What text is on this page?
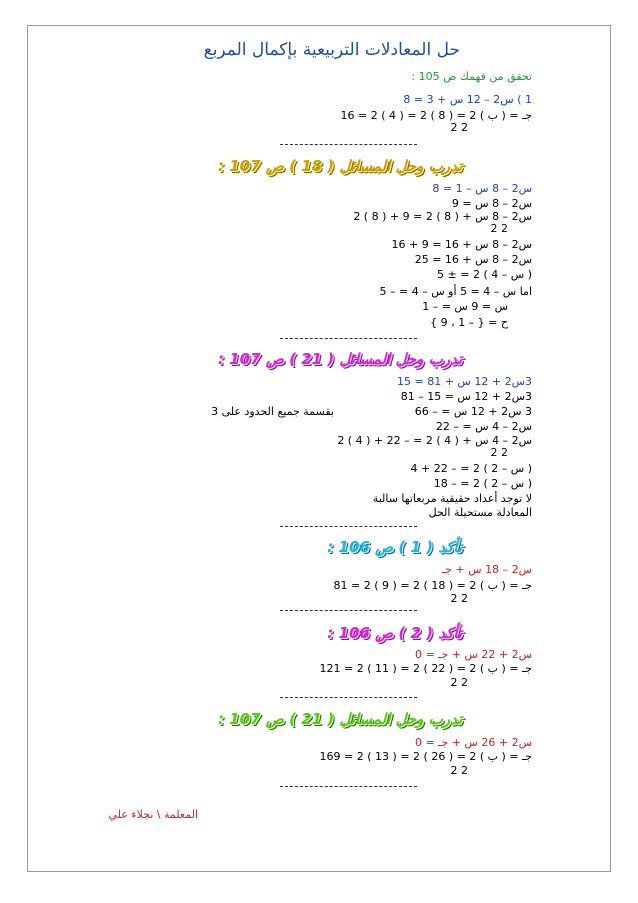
حل المعادلات التربيعية بإكمال المربع
تحقق من فهمك ص 105 :
1 ) س2 – 12 س + 3 = 8
جـ = ( ب ) 2 = ( 8 ) 2 = ( 4 ) 2 = 16
2 2
تدرب وحل المسائل ( 18 ) ص 107 :
س2 – 8 س – 1 = 8
س2 – 8 س = 9
س2 – 8 س + ( 8 ) 2 = 9 + ( 8 ) 2
2 2
س2 – 8 س + 16 = 9 + 16
س2 – 8 س + 16 = 25
( س – 4 ) 2 = ± 5
اما س – 4 = 5 أو س – 4 = – 5
س = 9 س = – 1
ح = { – 1 ، 9 }
تدرب وحل المسائل ( 21 ) ص 107 :
3س2 + 12 س + 81 = 15
3س2 + 12 س = 15 – 81
3 س2 + 12 س = – 66
بقسمة جميع الحدود على 3
س2 – 4 س = – 22
س2 – 4 س + ( 4 ) 2 = – 22 + ( 4 ) 2
2 2
( س – 2 ) 2 = – 22 + 4
( س – 2 ) 2 = – 18
لا توجد أعداد حقيقية مربعاتها سالبة
المعادلة مستحيلة الحل
تأكد ( 1 ) ص 106 :
س2 – 18 س + جـ
جـ = ( ب ) 2 = ( 18 ) 2 = ( 9 ) 2 = 81
2 2
تأكد ( 2 ) ص 106 :
س2 + 22 س + جـ = 0
جـ = ( ب ) 2 = ( 22 ) 2 = ( 11 ) 2 = 121
2 2
تدرب وحل المسائل ( 21 ) ص 107 :
س2 + 26 س + جـ = 0
جـ = ( ب ) 2 = ( 26 ) 2 = ( 13 ) 2 = 169
2 2
المعلمة \ نجلاء علي
